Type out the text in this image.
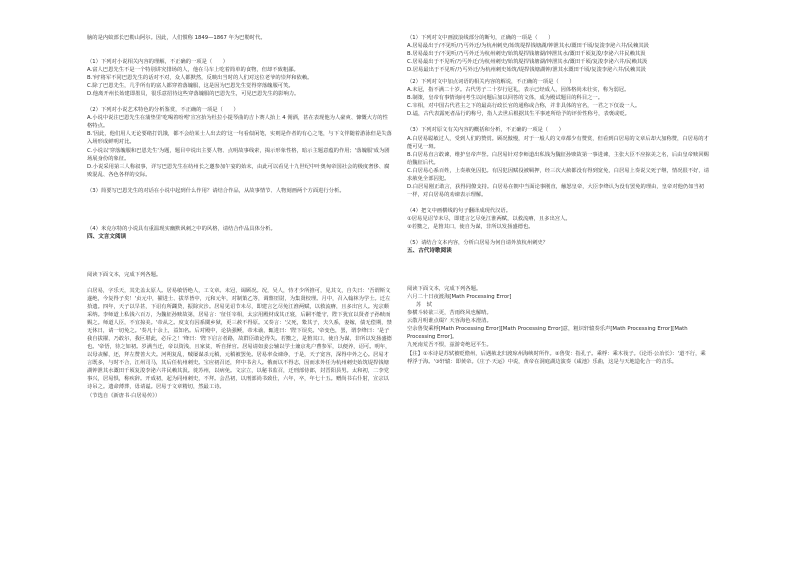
脑的是内蚊部长巴勒山阿尔。因此，人们惯称 1849—1867 年为巴勒时代。
（1）下列对小说相关内容的理解，不正确的一项是（　　）
A.富人巴恩先生不是一个特别讲究排场的人，他在马车上吃着简单的食物，但却不致粗鄙。
B.'何'将军不同巴恩先生的话对不对，众人都默然，反映出当时的人们对这位老爷的崇拜和依赖。
C.除了巴恩先生，几乎所有的富人都穿着落魄服，这是因为巴恩先生觉得穿落魄服可笑。
D.他离开州长始建即墨员，很乐意招待这些穿落魄服的巴恩先生，可见巴恩先生的影响力。
（2）下列对小说艺术特色的分析鉴赏，不正确的一项是（　　）
A.小说中说注巴恩先生在蒲垫里'吃喝着吩咐'宣宫抬为杜拉小提琴曲的吉卜赛人抬上 4 佣酒，甚在表现他为人豪爽、慷慨大方的性格特点。
B.'因此，他们用人无论要绪打饥饿，都不会给某士人出去的'这一句看似闲笔，实则是作者的有心之笔，与下文伴随着游泳但是失落入场形成鲜明对比。
C.小说以'穿落魄服和巴恩先生'为题，题目中说出主要人物、点明故事线索，揭示形象性格，暗示主题意蕴的作用；'落魄服'成为剧场展身份的象征。
D.小说采用第三人称叙事，详写巴恩先生在纺州长之邀参加午宴的始末，由此可以看见十九世纪中叶奥匈帝国社会的极度奢侈、腐败混乱、各色各样的交际。
（3）简要写巴恩先生的对话在小说中起到什么作用？请结合作品，从故事情节、人物刻画两个方面进行分析。
（4）米克尔特的小说具有重温现实幽默讽刺之中的风格，请结合作品具体分析。
四、文言文阅读
阅读下面文本，完成下列各题。
白居易，字乐天，其先盖太原人。居易敏悟绝人，工文章。未冠，谒顾况。况，吴人，恃才少所推可，见其文，自失曰：'吾谓斯文遂绝，今复得子矣！'贞元中，擢进士、拔萃皆中，元和元年，对制策乙等，调盩厔尉，为集贤校理。月中，召入翰林为学士。迁左拾遗。四年，天子以旱甚，下诏有所蠲贷，振除灾沴。居易见诏节未尽，即建言乞尽免江淮两赋，以救流瘠，且多出宫人。宪宗颇采纳。李师道上私钱六百万，为魏征孙赎故第，居易言：'征任宰相，太宗用殿材成其正寝，后嗣不能守，陛下犹宜以贤者子孙赎而赐之。师道人臣，不宜掠美。'帝从之。度支有囚系闃乡狱，更三赦不得原。又奏言：'父死，絷其子，夫久系，妻嫁，债无偿期，禁无休日，请一切免之。'奏凡十余上，益知名。后对殿中，论执强鲠，帝未谕，辄进曰：'陛下误矣。'帝变色，罢，谓李绛曰：'是子我自拔擢，乃敢尔，我叵堪此，必斥之！'绛曰：'陛下启言者路，故群臣敢论得失。若黜之，是箝其口，使自为谋，非所以发扬盛德也。'帝悟，待之如初。岁满当迁，帝以资浅，且家贫，听自择官。居易请如姜公辅以学士兼京兆户曹参军，以便养，诏可。明年，以母丧解，还，拜左赞善大夫。河朔复乱，贼屡谋杀元稹，元稹被罢免。居易率众谏诤，于是，天子宽容，深得中外之心。居易才言既多，与时不合，江州司马，其后任杭州刺史。宝应初召还，拜中书舍人。俄而以不得志，因而求外任为杭州刺史始筑堤捍钱塘湖钟泄其水溉田千顷复浚李泌六井民赖其汲。徙苏州，以病免。文宗立，以秘书监召，迁刑部侍郎，封晋阳县男。太和初，二李党事兴，居易惧，称疾辞。开成初，起为同州刺史，不拜。会昌初，以刑部尚书致仕，六年，卒，年七十五。赠尚书右仆射，宣宗以诗吊之。遗命薄葬，毋请谥。居易于文章精切，然最工诗。
（节选自《新唐书·白居易传》）
（1）下列对文中画波浪线部分的断句，正确的一项是（　　）
A.居易最出于/不见听/乃丐外迁/为杭州刺史/始筑堤捍钱塘湖/钟泄其水/溉田千顷/复浚李泌六井/民赖其汲
B.居易最出于/不见听/乃丐外迁为杭州刺史/始筑堤捍钱塘湖/钟泄其水/溉田千顷复浚/李泌六井民赖其汲
C.居易最出于不见听/乃丐外迁/为杭州刺史/始筑堤捍钱塘湖/钟泄其水/溉田千顷/复浚李泌六井/民赖其汲
D.居易最出于不见听/乃丐外迁/为杭州刺史始筑/堤捍钱塘湖钟/泄其水溉田千顷/复浚李泌六井/民赖其汲
（2）下列对文中加点词语的相关内容的解说，不正确的一项是（　　）
A.未冠，指不满二十岁。古代男子二十岁行冠礼，表示已经成人，因体格尚未壮实，称为弱冠。
B.制策，皇帝有事情询问考生以问题后加以回答的文体，成为殿试题目的科目之一。
C.宰相，对中国古代君主之下的最高行政长官的通称或合称，并非具体的官名，一君之下仅设一人。
D.谥，古代表露死者品行的称号，指人去世后根据其生平事迹所给予的评价性称号，表褒或贬。
（3）下列对原文有关内容的概括和分析，不正确的一项是（　　）
A.白居易聪敏过人，受到人们的赞赏。顾况傲慢，对于一般人的文章都少有赞赏，但看到白居易的文章后却大加称赞，白居易的才能可见一斑。
B.白居易直言敢谏，维护皇帝声誉。白居易针对李师道出私钱为魏征孙赎故第一事进谏，主张大臣不应掠美之名，后由皇帝赎回赐给魏征后代。
C.白居易心系百姓，上奏赦免囚犯。有囚犯因赋役被羁押，经三次大赦都没有得到宽免，白居易上奏说父死子继，情况很不好，请求赦免全部囚犯。
D.白居易刚正敢言，获得同僚支持。白居易在朝中当面论事刚直，触怒皇帝，大臣李绛认为没有罢免的理由，皇帝对他仍如当初一样，对白居易的劝谏表示理解。
（4）把文中画横线的句子翻译成现代汉语。
①居易见诏节未尽，即建言乞尽免江淮两赋，以救流瘠，且多出宫人。
②若黜之，是箝其口，使自为谋，非所以发扬盛德也。
（5）请结合文本内容，分析白居易为何自请外放杭州刺史？
五、古代诗歌阅读
阅读下面文本，完成下列各题。
六月二十日夜渡海[Math Processing Error]
苏　轼
参横斗转欲三更，苦雨终风也解晴。
云散月明谁点缀？天容海色本澄清。
空余鲁叟乘桴[Math Processing Error][Math Processing Error]意，粗识轩辕奏乐声[Math Processing Error][Math Processing Error]。
九死南荒吾不恨，兹游奇绝冠平生。
【注】①本诗是苏轼被贬儋州，后遇赦北归渡琼州海峡时所作。②鲁叟：指孔子。乘桴：乘木筏子。《论语·公冶长》：'道不行，乘桴浮于海。'③轩辕：即黄帝。《庄子·天运》中说，黄帝在洞庭湖边演奏《咸池》乐曲，这是与天地造化合一的音乐。
